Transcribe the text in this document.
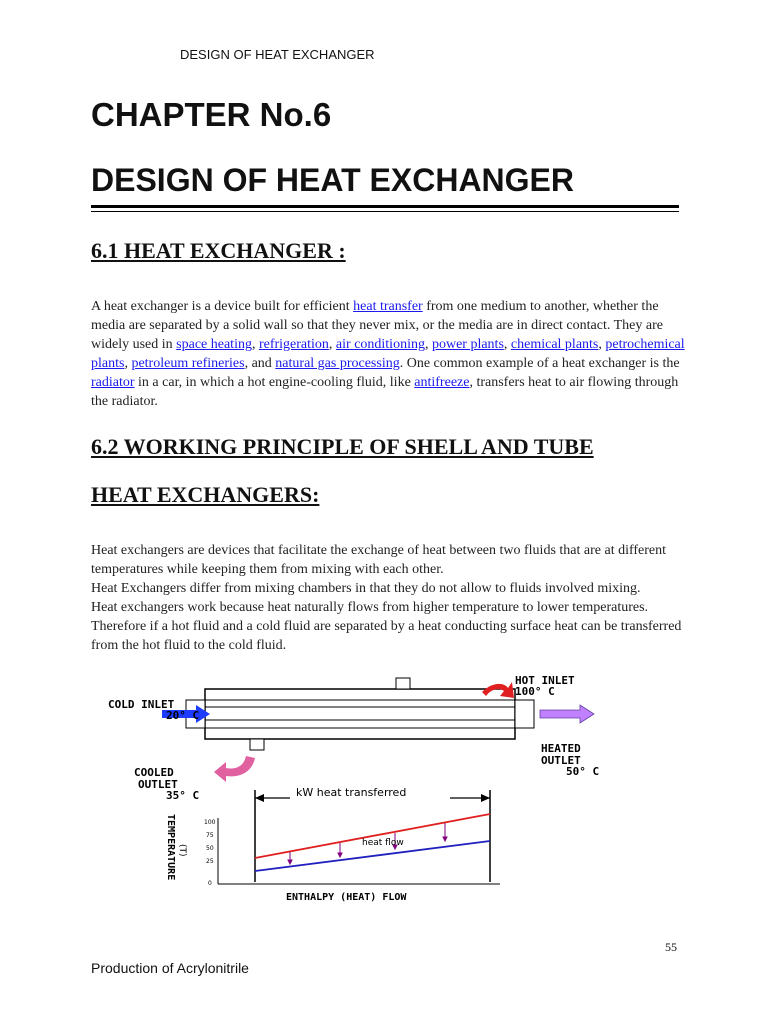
DESIGN OF HEAT EXCHANGER
CHAPTER No.6
DESIGN OF HEAT EXCHANGER
6.1 HEAT EXCHANGER :
A heat exchanger is a device built for efficient heat transfer from one medium to another, whether the media are separated by a solid wall so that they never mix, or the media are in direct contact. They are widely used in space heating, refrigeration, air conditioning, power plants, chemical plants, petrochemical plants, petroleum refineries, and natural gas processing. One common example of a heat exchanger is the radiator in a car, in which a hot engine-cooling fluid, like antifreeze, transfers heat to air flowing through the radiator.
6.2 WORKING PRINCIPLE OF SHELL AND TUBE
HEAT EXCHANGERS:

Heat exchangers are devices that facilitate the exchange of heat between two fluids that are at different temperatures while keeping them from mixing with each other.

Heat Exchangers differ from mixing chambers in that they do not allow to fluids involved mixing.

Heat exchangers work because heat naturally flows from higher temperature to lower temperatures. Therefore if a hot fluid and a cold fluid are separated by a heat conducting surface heat can be transferred from the hot fluid to the cold fluid.

COLD INLET
20° C
HOT INLET
100° C
HEATED
OUTLET
50° C
COOLED
OUTLET
35° C	kW heat transferred
100
75
50
25
0
TEMPERATURE (T)
heat flow
ENTHALPY (HEAT) FLOW
55
Production of Acrylonitrile
